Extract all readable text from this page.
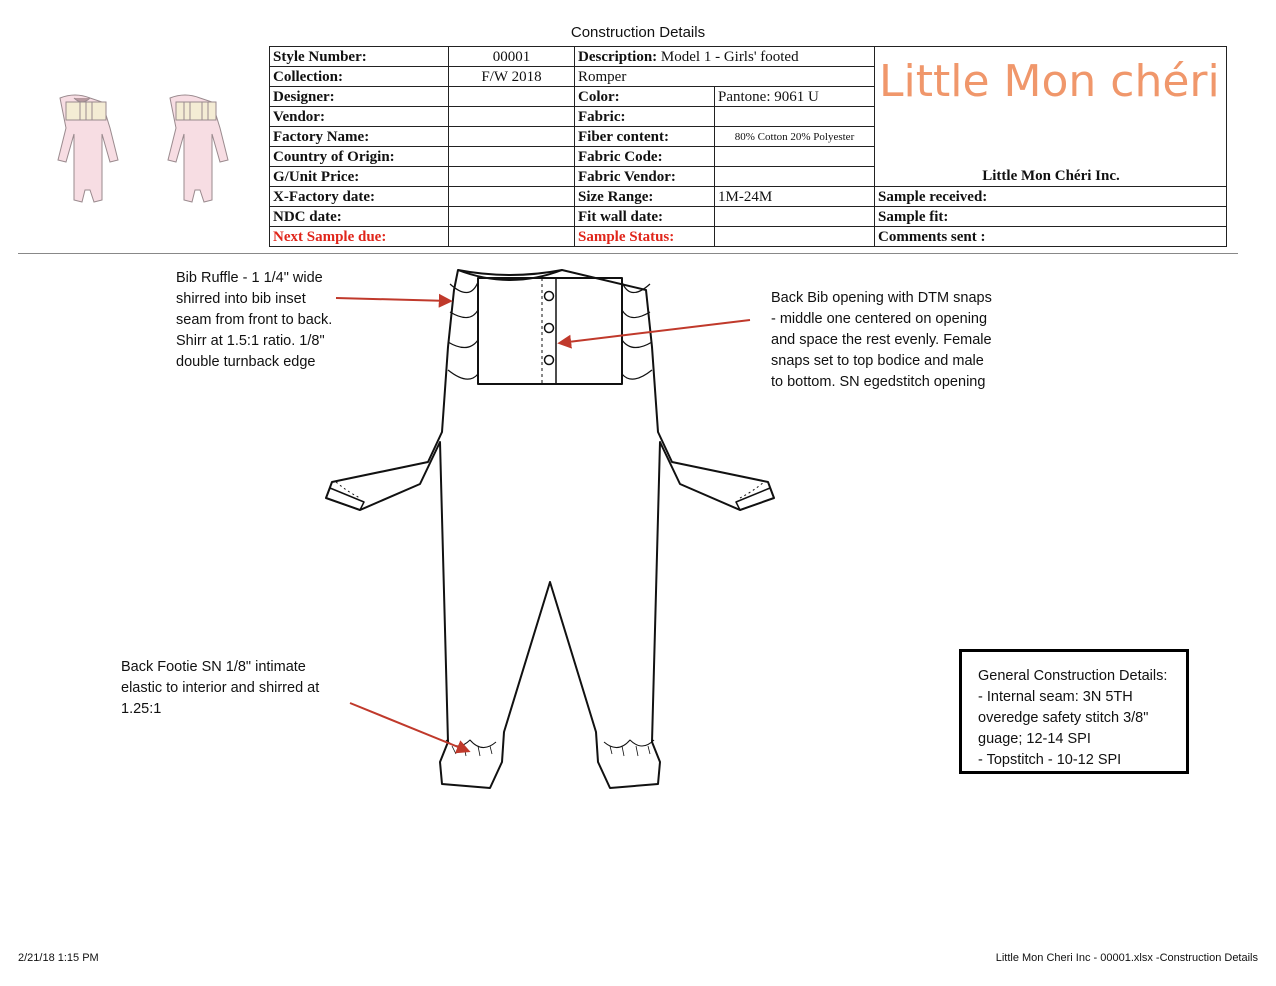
Construction Details
Style Number:	00001	Description: Model 1 - Girls' footed		Little Mon chéri
Little Mon Chéri Inc.

Collection:	F/W 2018	Romper		
Designer:		Color:	Pantone: 9061 U	
Vendor:		Fabric:		
Factory Name:		Fiber content:	80% Cotton 20% Polyester	
Country of Origin:		Fabric Code:		
G/Unit Price:		Fabric Vendor:		
X-Factory date:		Size Range:	1M-24M	Sample received:
NDC date:		Fit wall date:		Sample fit:
Next Sample due:		Sample Status:		Comments sent :
Bib Ruffle - 1 1/4" wide
shirred into bib inset
seam from front to back.
Shirr at 1.5:1 ratio. 1/8"
double turnback edge
Back Bib opening with DTM snaps
- middle one centered on opening
and space the rest evenly. Female
snaps set to top bodice and male
to bottom. SN egedstitch opening
Back Footie SN 1/8" intimate
elastic to interior and shirred at
1.25:1
General Construction Details:
- Internal seam: 3N 5TH
overedge safety stitch 3/8"
guage; 12-14 SPI
- Topstitch - 10-12 SPI
2/21/18 1:15 PM	Little Mon Cheri Inc - 00001.xlsx -Construction Details
